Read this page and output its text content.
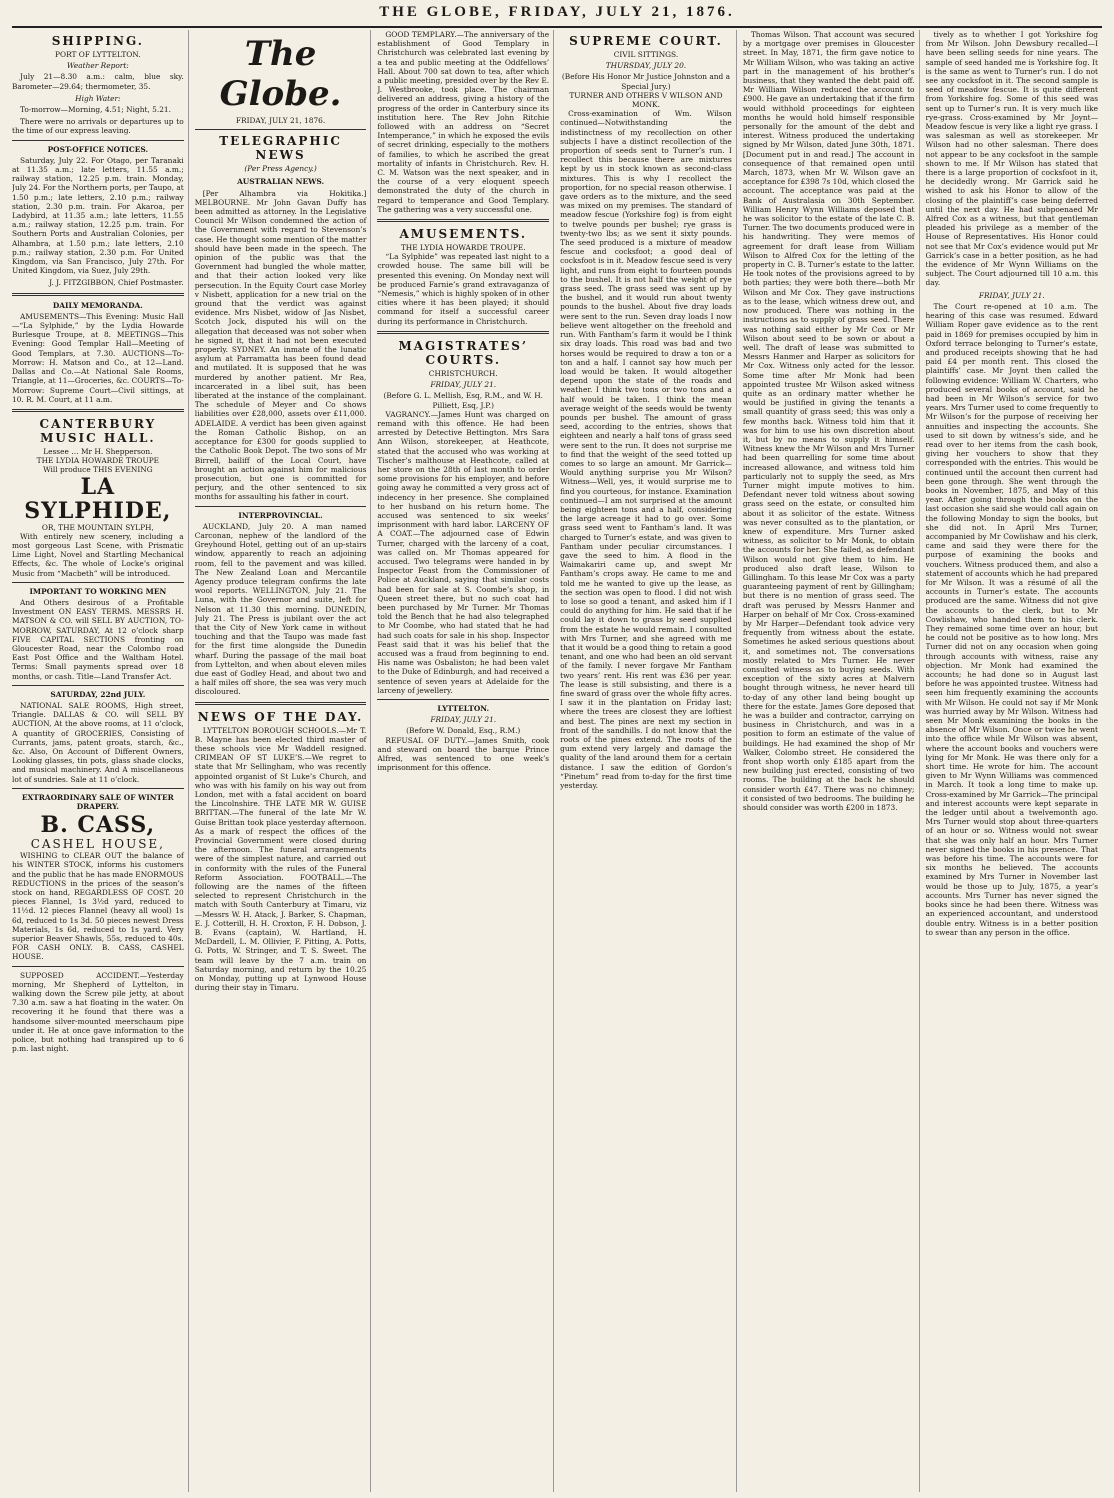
THE GLOBE, FRIDAY, JULY 21, 1876.
SHIPPING.
PORT OF LYTTELTON.
Weather Report:

July 21—8.30 a.m.: calm, blue sky. Barometer—29.64; thermometer, 35.

High Water:

To-morrow—Morning, 4.51; Night, 5.21.

There were no arrivals or departures up to the time of our express leaving.

POST-OFFICE NOTICES.

Saturday, July 22. For Otago, per Taranaki at 11.35 a.m.; late letters, 11.55 a.m.; railway station, 12.25 p.m. train. Monday, July 24. For the Northern ports, per Taupo, at 1.50 p.m.; late letters, 2.10 p.m.; railway station, 2.30 p.m. train. For Akaroa, per Ladybird, at 11.35 a.m.; late letters, 11.55 a.m.; railway station, 12.25 p.m. train. For Southern Ports and Australian Colonies, per Alhambra, at 1.50 p.m.; late letters, 2.10 p.m.; railway station, 2.30 p.m. For United Kingdom, via San Francisco, July 27th. For United Kingdom, via Suez, July 29th.

J. J. FITZGIBBON, Chief Postmaster.
DAILY MEMORANDA.

AMUSEMENTS—This Evening: Music Hall—“La Sylphide,” by the Lydia Howarde Burlesque Troupe, at 8. MEETINGS—This Evening: Good Templar Hall—Meeting of Good Templars, at 7.30. AUCTIONS—To-Morrow: H. Matson and Co., at 12—Land. Dallas and Co.—At National Sale Rooms, Triangle, at 11—Groceries, &c. COURTS—To-Morrow: Supreme Court—Civil sittings, at 10. R. M. Court, at 11 a.m.

CANTERBURY MUSIC HALL.
Lessee … Mr H. Shepperson.
THE LYDIA HOWARDE TROUPE
Will produce THIS EVENING
LA SYLPHIDE,
OR, THE MOUNTAIN SYLPH,

With entirely new scenery, including a most gorgeous Last Scene, with Prismatic Lime Light, Novel and Startling Mechanical Effects, &c. The whole of Locke’s original Music from “Macbeth” will be introduced.

IMPORTANT TO WORKING MEN

And Others desirous of a Profitable Investment ON EASY TERMS. MESSRS H. MATSON & CO. will SELL BY AUCTION, TO-MORROW, SATURDAY, At 12 o’clock sharp FIVE CAPITAL SECTIONS fronting on Gloucester Road, near the Colombo road East Post Office and the Waltham Hotel. Terms: Small payments spread over 18 months, or cash. Title—Land Transfer Act.

SATURDAY, 22nd JULY.

NATIONAL SALE ROOMS, High street, Triangle. DALLAS & CO. will SELL BY AUCTION, At the above rooms, at 11 o’clock, A quantity of GROCERIES, Consisting of Currants, jams, patent groats, starch, &c., &c. Also, On Account of Different Owners, Looking glasses, tin pots, glass shade clocks, and musical machinery. And A miscellaneous lot of sundries. Sale at 11 o’clock.

EXTRAORDINARY SALE OF WINTER DRAPERY.
B. CASS,
CASHEL HOUSE,

WISHING to CLEAR OUT the balance of his WINTER STOCK, informs his customers and the public that he has made ENORMOUS REDUCTIONS in the prices of the season’s stock on hand, REGARDLESS OF COST. 20 pieces Flannel, 1s 3½d yard, reduced to 11½d. 12 pieces Flannel (heavy all wool) 1s 6d, reduced to 1s 3d. 50 pieces newest Dress Materials, 1s 6d, reduced to 1s yard. Very superior Beaver Shawls, 55s, reduced to 40s. FOR CASH ONLY. B. CASS, CASHEL HOUSE.

SUPPOSED ACCIDENT.—Yesterday morning, Mr Shepherd of Lyttelton, in walking down the Screw pile jetty, at about 7.30 a.m. saw a hat floating in the water. On recovering it he found that there was a handsome silver-mounted meerschaum pipe under it. He at once gave information to the police, but nothing had transpired up to 6 p.m. last night.

The Globe.
FRIDAY, JULY 21, 1876.
TELEGRAPHIC NEWS
(Per Press Agency.)
AUSTRALIAN NEWS.

[Per Alhambra via Hokitika.] MELBOURNE. Mr John Gavan Duffy has been admitted as attorney. In the Legislative Council Mr Wilson condemned the action of the Government with regard to Stevenson’s case. He thought some mention of the matter should have been made in the speech. The opinion of the public was that the Government had bungled the whole matter, and that their action looked very like persecution. In the Equity Court case Morley v Nisbett, application for a new trial on the ground that the verdict was against evidence. Mrs Nisbet, widow of Jas Nisbet, Scotch Jock, disputed his will on the allegation that deceased was not sober when he signed it, that it had not been executed properly. SYDNEY. An inmate of the lunatic asylum at Parramatta has been found dead and mutilated. It is supposed that he was murdered by another patient. Mr Rea, incarcerated in a libel suit, has been liberated at the instance of the complainant. The schedule of Meyer and Co shows liabilities over £28,000, assets over £11,000. ADELAIDE. A verdict has been given against the Roman Catholic Bishop, on an acceptance for £300 for goods supplied to the Catholic Book Depot. The two sons of Mr Birrell, bailiff of the Local Court, have brought an action against him for malicious prosecution, but one is committed for perjury, and the other sentenced to six months for assaulting his father in court.

INTERPROVINCIAL.

AUCKLAND, July 20. A man named Carconan, nephew of the landlord of the Greyhound Hotel, getting out of an up-stairs window, apparently to reach an adjoining room, fell to the pavement and was killed. The New Zealand Loan and Mercantile Agency produce telegram confirms the late wool reports. WELLINGTON, July 21. The Luna, with the Governor and suite, left for Nelson at 11.30 this morning. DUNEDIN, July 21. The Press is jubilant over the act that the City of New York came in without touching and that the Taupo was made fast for the first time alongside the Dunedin wharf. During the passage of the mail boat from Lyttelton, and when about eleven miles due east of Godley Head, and about two and a half miles off shore, the sea was very much discoloured.

NEWS OF THE DAY.

LYTTELTON BOROUGH SCHOOLS.—Mr T. B. Mayne has been elected third master of these schools vice Mr Waddell resigned. CRIMEAN OF ST LUKE’S.—We regret to state that Mr Sellingham, who was recently appointed organist of St Luke’s Church, and who was with his family on his way out from London, met with a fatal accident on board the Lincolnshire. THE LATE MR W. GUISE BRITTAN.—The funeral of the late Mr W. Guise Brittan took place yesterday afternoon. As a mark of respect the offices of the Provincial Government were closed during the afternoon. The funeral arrangements were of the simplest nature, and carried out in conformity with the rules of the Funeral Reform Association. FOOTBALL.—The following are the names of the fifteen selected to represent Christchurch in the match with South Canterbury at Timaru, viz—Messrs W. H. Atack, J. Barker, S. Chapman, E. J. Cotterill, H. H. Croxton, F. H. Dobson, J. B. Evans (captain), W. Hartland, H. McDardell, L. M. Ollivier, F. Pitting, A. Potts, G. Potts, W. Stringer, and T. S. Sweet. The team will leave by the 7 a.m. train on Saturday morning, and return by the 10.25 on Monday, putting up at Lynwood House during their stay in Timaru.

GOOD TEMPLARY.—The anniversary of the establishment of Good Templary in Christchurch was celebrated last evening by a tea and public meeting at the Oddfellows’ Hall. About 700 sat down to tea, after which a public meeting, presided over by the Rev E. J. Westbrooke, took place. The chairman delivered an address, giving a history of the progress of the order in Canterbury since its institution here. The Rev John Ritchie followed with an address on “Secret Intemperance,” in which he exposed the evils of secret drinking, especially to the mothers of families, to which he ascribed the great mortality of infants in Christchurch. Rev. H. C. M. Watson was the next speaker, and in the course of a very eloquent speech demonstrated the duty of the church in regard to temperance and Good Templary. The gathering was a very successful one.

AMUSEMENTS.
THE LYDIA HOWARDE TROUPE.

“La Sylphide” was repeated last night to a crowded house. The same bill will be presented this evening. On Monday next will be produced Farnie’s grand extravaganza of “Nemesis,” which is highly spoken of in other cities where it has been played; it should command for itself a successful career during its performance in Christchurch.

MAGISTRATES’ COURTS.
CHRISTCHURCH.
FRIDAY, JULY 21.
(Before G. L. Mellish, Esq, R.M., and W. H. Pilliett, Esq, J.P.)

VAGRANCY.—James Hunt was charged on remand with this offence. He had been arrested by Detective Bettington. Mrs Sara Ann Wilson, storekeeper, at Heathcote, stated that the accused who was working at Tischer’s malthouse at Heathcote, called at her store on the 28th of last month to order some provisions for his employer, and before going away he committed a very gross act of indecency in her presence. She complained to her husband on his return home. The accused was sentenced to six weeks’ imprisonment with hard labor. LARCENY OF A COAT.—The adjourned case of Edwin Turner, charged with the larceny of a coat, was called on. Mr Thomas appeared for accused. Two telegrams were handed in by Inspector Feast from the Commissioner of Police at Auckland, saying that similar costs had been for sale at S. Coombe’s shop, in Queen street there, but no such coat had been purchased by Mr Turner. Mr Thomas told the Bench that he had also telegraphed to Mr Coombe, who had stated that he had had such coats for sale in his shop. Inspector Feast said that it was his belief that the accused was a fraud from beginning to end. His name was Osbaliston; he had been valet to the Duke of Edinburgh, and had received a sentence of seven years at Adelaide for the larceny of jewellery.

LYTTELTON.
FRIDAY, JULY 21.
(Before W. Donald, Esq., R.M.)

REFUSAL OF DUTY.—James Smith, cook and steward on board the barque Prince Alfred, was sentenced to one week’s imprisonment for this offence.

SUPREME COURT.
CIVIL SITTINGS.
THURSDAY, JULY 20.
(Before His Honor Mr Justice Johnston and a Special Jury.)
TURNER AND OTHERS V WILSON AND MONK.

Cross-examination of Wm. Wilson continued—Notwithstanding the indistinctness of my recollection on other subjects I have a distinct recollection of the proportion of seeds sent to Turner’s run. I recollect this because there are mixtures kept by us in stock known as second-class mixtures. This is why I recollect the proportion, for no special reason otherwise. I gave orders as to the mixture, and the seed was mixed on my premises. The standard of meadow fescue (Yorkshire fog) is from eight to twelve pounds per bushel; rye grass is twenty-two lbs; as we sent it sixty pounds. The seed produced is a mixture of meadow fescue and cocksfoot; a good deal of cocksfoot is in it. Meadow fescue seed is very light, and runs from eight to fourteen pounds to the bushel. It is not half the weight of rye grass seed. The grass seed was sent up by the bushel, and it would run about twenty pounds to the bushel. About five dray loads were sent to the run. Seven dray loads I now believe went altogether on the freehold and run. With Fantham’s farm it would be I think six dray loads. This road was bad and two horses would be required to draw a ton or a ton and a half. I cannot say how much per load would be taken. It would altogether depend upon the state of the roads and weather. I think two tons or two tons and a half would be taken. I think the mean average weight of the seeds would be twenty pounds per bushel. The amount of grass seed, according to the entries, shows that eighteen and nearly a half tons of grass seed were sent to the run. It does not surprise me to find that the weight of the seed totted up comes to so large an amount. Mr Garrick—Would anything surprise you Mr Wilson? Witness—Well, yes, it would surprise me to find you courteous, for instance. Examination continued—I am not surprised at the amount being eighteen tons and a half, considering the large acreage it had to go over. Some grass seed went to Fantham’s land. It was charged to Turner’s estate, and was given to Fantham under peculiar circumstances. I gave the seed to him. A flood in the Waimakariri came up, and swept Mr Fantham’s crops away. He came to me and told me he wanted to give up the lease, as the section was open to flood. I did not wish to lose so good a tenant, and asked him if I could do anything for him. He said that if he could lay it down to grass by seed supplied from the estate he would remain. I consulted with Mrs Turner, and she agreed with me that it would be a good thing to retain a good tenant, and one who had been an old servant of the family. I never forgave Mr Fantham two years’ rent. His rent was £36 per year. The lease is still subsisting, and there is a fine sward of grass over the whole fifty acres. I saw it in the plantation on Friday last; where the trees are closest they are loftiest and best. The pines are next my section in front of the sandhills. I do not know that the roots of the pines extend. The roots of the gum extend very largely and damage the quality of the land around them for a certain distance. I saw the edition of Gordon’s “Pinetum” read from to-day for the first time yesterday.

Thomas Wilson. That account was secured by a mortgage over premises in Gloucester street. In May, 1871, the firm gave notice to Mr William Wilson, who was taking an active part in the management of his brother’s business, that they wanted the debt paid off. Mr William Wilson reduced the account to £900. He gave an undertaking that if the firm would withhold proceedings for eighteen months he would hold himself responsible personally for the amount of the debt and interest. Witness produced the undertaking signed by Mr Wilson, dated June 30th, 1871. [Document put in and read.] The account in consequence of that remained open until March, 1873, when Mr W. Wilson gave an acceptance for £398 7s 10d, which closed the account. The acceptance was paid at the Bank of Australasia on 30th September. William Henry Wynn Williams deposed that he was solicitor to the estate of the late C. B. Turner. The two documents produced were in his handwriting. They were memos of agreement for draft lease from William Wilson to Alfred Cox for the letting of the property in C. B. Turner’s estate to the latter. He took notes of the provisions agreed to by both parties; they were both there—both Mr Wilson and Mr Cox. They gave instructions as to the lease, which witness drew out, and now produced. There was nothing in the instructions as to supply of grass seed. There was nothing said either by Mr Cox or Mr Wilson about seed to be sown or about a well. The draft of lease was submitted to Messrs Hanmer and Harper as solicitors for Mr Cox. Witness only acted for the lessor. Some time after Mr Monk had been appointed trustee Mr Wilson asked witness quite as an ordinary matter whether he would be justified in giving the tenants a small quantity of grass seed; this was only a few months back. Witness told him that it was for him to use his own discretion about it, but by no means to supply it himself. Witness knew the Mr Wilson and Mrs Turner had been quarrelling for some time about increased allowance, and witness told him particularly not to supply the seed, as Mrs Turner might impute motives to him. Defendant never told witness about sowing grass seed on the estate, or consulted him about it as solicitor of the estate. Witness was never consulted as to the plantation, or knew of expenditure. Mrs Turner asked witness, as solicitor to Mr Monk, to obtain the accounts for her. She failed, as defendant Wilson would not give them to him. He produced also draft lease, Wilson to Gillingham. To this lease Mr Cox was a party guaranteeing payment of rent by Gillingham; but there is no mention of grass seed. The draft was perused by Messrs Hanmer and Harper on behalf of Mr Cox. Cross-examined by Mr Harper—Defendant took advice very frequently from witness about the estate. Sometimes he asked serious questions about it, and sometimes not. The conversations mostly related to Mrs Turner. He never consulted witness as to buying seeds. With exception of the sixty acres at Malvern bought through witness, he never heard till to-day of any other land being bought up there for the estate. James Gore deposed that he was a builder and contractor, carrying on business in Christchurch, and was in a position to form an estimate of the value of buildings. He had examined the shop of Mr Walker, Colombo street. He considered the front shop worth only £185 apart from the new building just erected, consisting of two rooms. The building at the back he should consider worth £47. There was no chimney; it consisted of two bedrooms. The building he should consider was worth £200 in 1873.

tively as to whether I got Yorkshire fog from Mr Wilson. John Dewsbury recalled—I have been selling seeds for nine years. The sample of seed handed me is Yorkshire fog. It is the same as went to Turner’s run. I do not see any cocksfoot in it. The second sample is seed of meadow fescue. It is quite different from Yorkshire fog. Some of this seed was sent up to Turner’s run. It is very much like rye-grass. Cross-examined by Mr Joynt—Meadow fescue is very like a light rye grass. I was salesman as well as storekeeper. Mr Wilson had no other salesman. There does not appear to be any cocksfoot in the sample shown to me. If Mr Wilson has stated that there is a large proportion of cocksfoot in it, he decidedly wrong. Mr Garrick said he wished to ask his Honor to allow of the closing of the plaintiff’s case being deferred until the next day. He had subpoenaed Mr Alfred Cox as a witness, but that gentleman pleaded his privilege as a member of the House of Representatives. His Honor could not see that Mr Cox’s evidence would put Mr Garrick’s case in a better position, as he had the evidence of Mr Wynn Williams on the subject. The Court adjourned till 10 a.m. this day.

FRIDAY, JULY 21.

The Court re-opened at 10 a.m. The hearing of this case was resumed. Edward William Roper gave evidence as to the rent paid in 1869 for premises occupied by him in Oxford terrace belonging to Turner’s estate, and produced receipts showing that he had paid £4 per month rent. This closed the plaintiffs’ case. Mr Joynt then called the following evidence: William W. Charters, who produced several books of account, said he had been in Mr Wilson’s service for two years. Mrs Turner used to come frequently to Mr Wilson’s for the purpose of receiving her annuities and inspecting the accounts. She used to sit down by witness’s side, and he read over to her items from the cash book, giving her vouchers to show that they corresponded with the entries. This would be continued until the account then current had been gone through. She went through the books in November, 1875, and May of this year. After going through the books on the last occasion she said she would call again on the following Monday to sign the books, but she did not. In April Mrs Turner, accompanied by Mr Cowlishaw and his clerk, came and said they were there for the purpose of examining the books and vouchers. Witness produced them, and also a statement of accounts which he had prepared for Mr Wilson. It was a résumé of all the accounts in Turner’s estate. The accounts produced are the same. Witness did not give the accounts to the clerk, but to Mr Cowlishaw, who handed them to his clerk. They remained some time over an hour, but he could not be positive as to how long. Mrs Turner did not on any occasion when going through accounts with witness, raise any objection. Mr Monk had examined the accounts; he had done so in August last before he was appointed trustee. Witness had seen him frequently examining the accounts with Mr Wilson. He could not say if Mr Monk was hurried away by Mr Wilson. Witness had seen Mr Monk examining the books in the absence of Mr Wilson. Once or twice he went into the office while Mr Wilson was absent, where the account books and vouchers were lying for Mr Monk. He was there only for a short time. He wrote for him. The account given to Mr Wynn Williams was commenced in March. It took a long time to make up. Cross-examined by Mr Garrick—The principal and interest accounts were kept separate in the ledger until about a twelvemonth ago. Mrs Turner would stop about three-quarters of an hour or so. Witness would not swear that she was only half an hour. Mrs Turner never signed the books in his presence. That was before his time. The accounts were for six months he believed. The accounts examined by Mrs Turner in November last would be those up to July, 1875, a year’s accounts. Mrs Turner has never signed the books since he had been there. Witness was an experienced accountant, and understood double entry. Witness is in a better position to swear than any person in the office.
